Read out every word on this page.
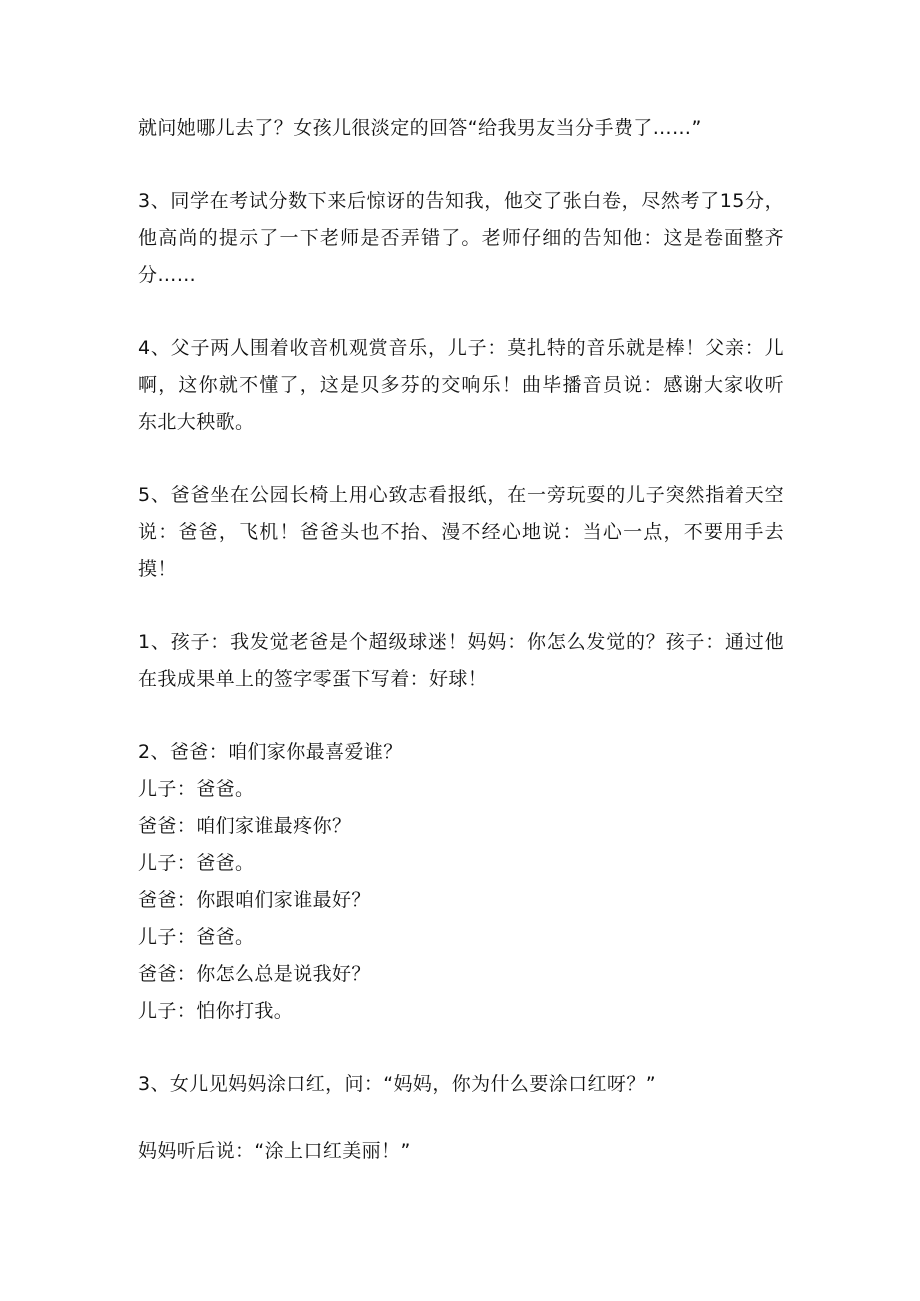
就问她哪儿去了？女孩儿很淡定的回答“给我男友当分手费了……”
3、同学在考试分数下来后惊讶的告知我，他交了张白卷，尽然考了15分，
他高尚的提示了一下老师是否弄错了。老师仔细的告知他：这是卷面整齐
分……
4、父子两人围着收音机观赏音乐，儿子：莫扎特的音乐就是棒！父亲：儿
啊，这你就不懂了，这是贝多芬的交响乐！曲毕播音员说：感谢大家收听
东北大秧歌。
5、爸爸坐在公园长椅上用心致志看报纸，在一旁玩耍的儿子突然指着天空
说：爸爸，飞机！爸爸头也不抬、漫不经心地说：当心一点，不要用手去
摸！
1、孩子：我发觉老爸是个超级球迷！妈妈：你怎么发觉的？孩子：通过他
在我成果单上的签字零蛋下写着：好球！
2、爸爸：咱们家你最喜爱谁？
儿子：爸爸。
爸爸：咱们家谁最疼你？
儿子：爸爸。
爸爸：你跟咱们家谁最好？
儿子：爸爸。
爸爸：你怎么总是说我好？
儿子：怕你打我。
3、女儿见妈妈涂口红，问：“妈妈，你为什么要涂口红呀？”
妈妈听后说：“涂上口红美丽！”
